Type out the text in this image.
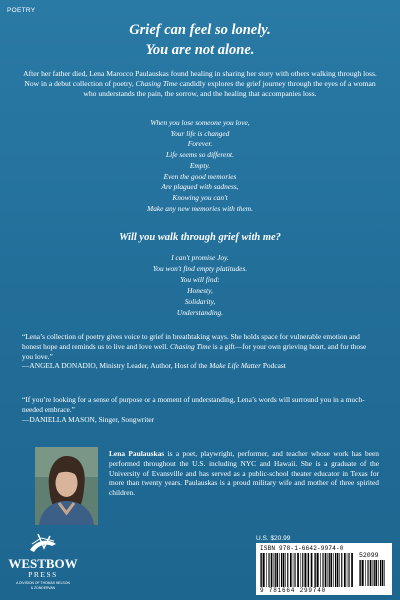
POETRY
Grief can feel so lonely.
You are not alone.
After her father died, Lena Marocco Paulauskas found healing in sharing her story with others walking through loss. Now in a debut collection of poetry, Chasing Time candidly explores the grief journey through the eyes of a woman who understands the pain, the sorrow, and the healing that accompanies loss.
When you lose someone you love,
Your life is changed
Forever.
Life seems so different.
Empty.
Even the good memories
Are plagued with sadness,
Knowing you can't
Make any new memories with them.
Will you walk through grief with me?
I can't promise Joy.
You won't find empty platitudes.
You will find:
Honesty,
Solidarity,
Understanding.
“Lena’s collection of poetry gives voice to grief in breathtaking ways. She holds space for vulnerable emotion and honest hope and reminds us to live and love well. Chasing Time is a gift—for your own grieving heart, and for those you love.”
—ANGELA DONADIO, Ministry Leader, Author, Host of the Make Life Matter Podcast
“If you’re looking for a sense of purpose or a moment of understanding, Lena’s words will surround you in a much-needed embrace.”
—DANIELLA MASON, Singer, Songwriter
Lena Paulauskas is a poet, playwright, performer, and teacher whose work has been performed throughout the U.S. including NYC and Hawaii. She is a graduate of the University of Evansville and has served as a public-school theater educator in Texas for more than twenty years. Paulauskas is a proud military wife and mother of three spirited children.
WESTBOW
PRESS
A DIVISION OF THOMAS NELSON
& ZONDERVAN
U.S. $20.99
ISBN 978-1-6642-9974-0
9 781664 299740
52099
